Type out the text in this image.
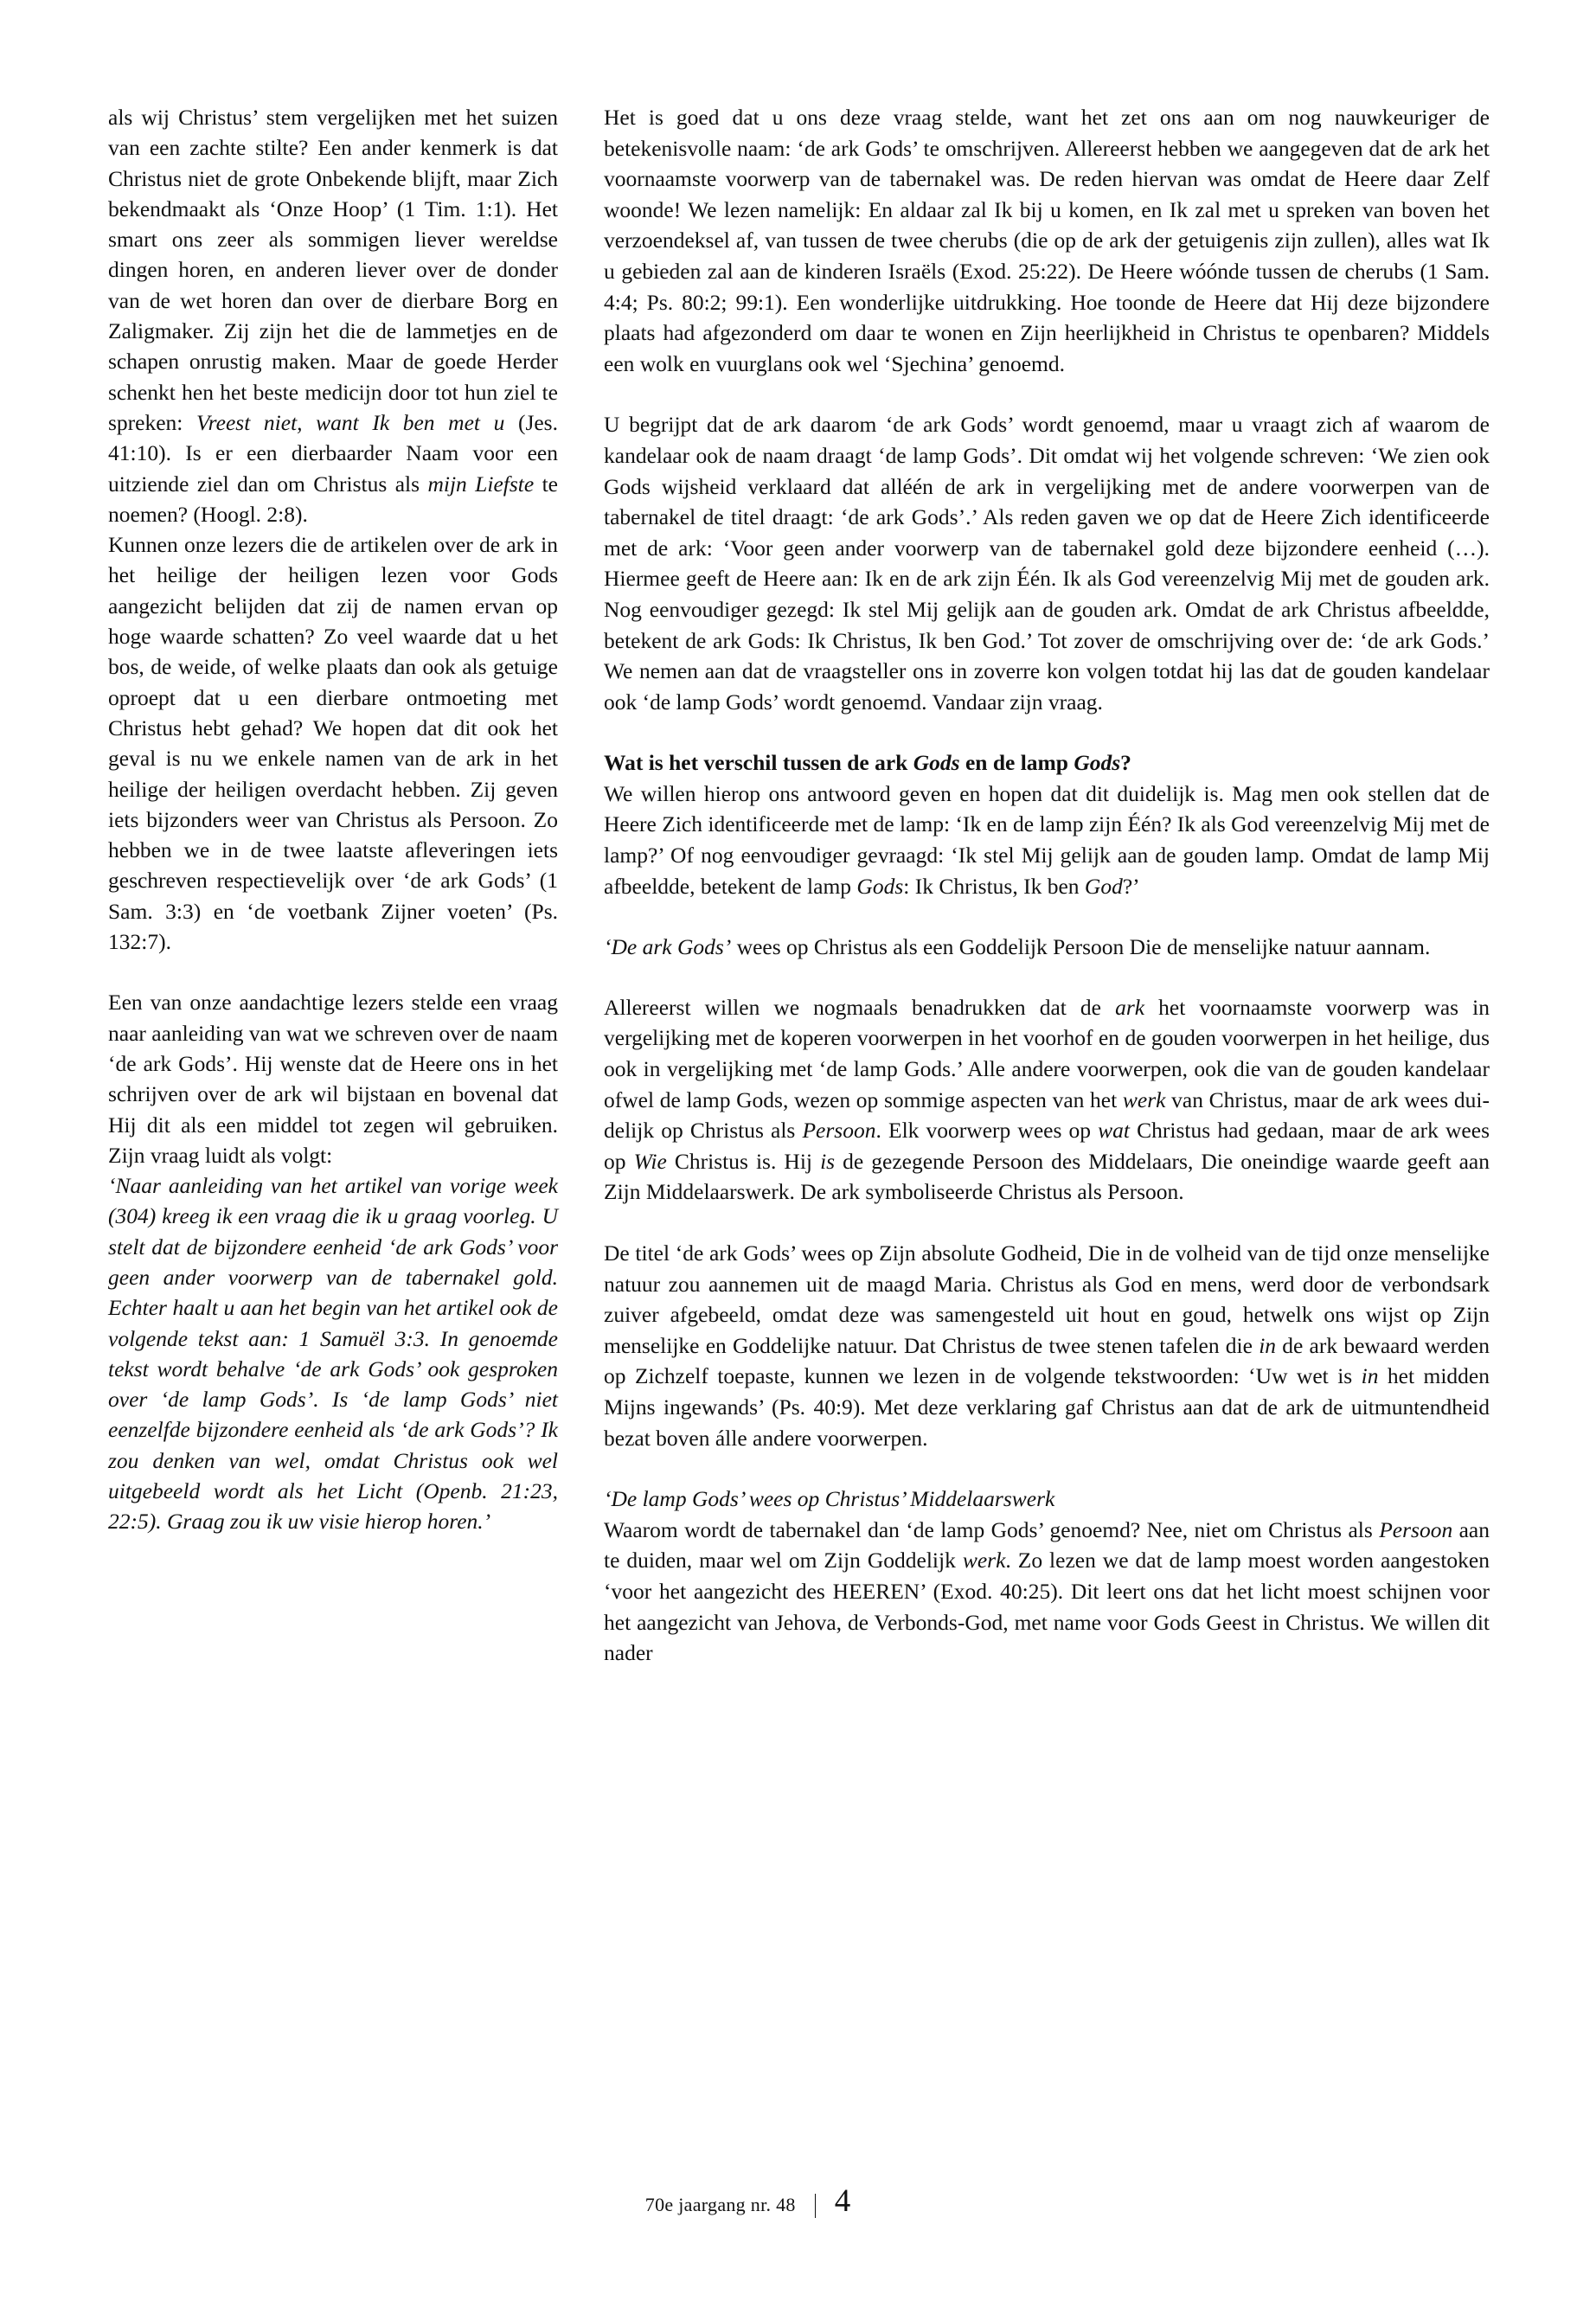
als wij Christus’ stem vergelijken met het suizen van een zachte stilte? Een ander kenmerk is dat Christus niet de grote Onbekende blijft, maar Zich bekendmaakt als ‘Onze Hoop’ (1 Tim. 1:1). Het smart ons zeer als sommigen liever wereldse dingen horen, en anderen liever over de donder van de wet horen dan over de dierbare Borg en Zaligmaker. Zij zijn het die de lammetjes en de schapen onrustig maken. Maar de goede Herder schenkt hen het beste medicijn door tot hun ziel te spreken: Vreest niet, want Ik ben met u (Jes. 41:10). Is er een dierbaarder Naam voor een uitziende ziel dan om Christus als mijn Liefste te noemen? (Hoogl. 2:8).

Kunnen onze lezers die de artikelen over de ark in het heilige der heiligen lezen voor Gods aangezicht belijden dat zij de namen ervan op hoge waarde schatten? Zo veel waarde dat u het bos, de weide, of welke plaats dan ook als getuige oproept dat u een dierbare ontmoeting met Christus hebt gehad? We hopen dat dit ook het geval is nu we enkele namen van de ark in het heilige der heiligen overdacht hebben. Zij geven iets bijzonders weer van Christus als Persoon. Zo hebben we in de twee laatste afleveringen iets geschreven respectievelijk over ‘de ark Gods’ (1 Sam. 3:3) en ‘de voetbank Zijner voeten’ (Ps. 132:7).

Een van onze aandachtige lezers stelde een vraag naar aanleiding van wat we schreven over de naam ‘de ark Gods’. Hij wenste dat de Heere ons in het schrijven over de ark wil bijstaan en bovenal dat Hij dit als een middel tot zegen wil gebruiken. Zijn vraag luidt als volgt:

‘Naar aanleiding van het artikel van vorige week (304) kreeg ik een vraag die ik u graag voorleg. U stelt dat de bijzondere eenheid ‘de ark Gods’ voor geen ander voorwerp van de tabernakel gold. Echter haalt u aan het begin van het artikel ook de volgende tekst aan: 1 Samuël 3:3. In genoemde tekst wordt behalve ‘de ark Gods’ ook gesproken over ‘de lamp Gods’. Is ‘de lamp Gods’ niet eenzelfde bijzondere eenheid als ‘de ark Gods’? Ik zou denken van wel, omdat Christus ook wel uitgebeeld wordt als het Licht (Openb. 21:23, 22:5). Graag zou ik uw visie hierop horen.’

Het is goed dat u ons deze vraag stelde, want het zet ons aan om nog nauwkeuriger de betekenisvolle naam: ‘de ark Gods’ te omschrijven. Allereerst hebben we aangegeven dat de ark het voornaamste voorwerp van de tabernakel was. De reden hiervan was omdat de Heere daar Zelf woonde! We lezen namelijk: En aldaar zal Ik bij u komen, en Ik zal met u spreken van boven het verzoendeksel af, van tussen de twee cherubs (die op de ark der getuigenis zijn zullen), alles wat Ik u gebieden zal aan de kinderen Israëls (Exod. 25:22). De Heere wóónde tussen de cherubs (1 Sam. 4:4; Ps. 80:2; 99:1). Een wonderlijke uitdrukking. Hoe toonde de Heere dat Hij deze bijzondere plaats had afgezonderd om daar te wonen en Zijn heerlijkheid in Christus te openbaren? Middels een wolk en vuurglans ook wel ‘Sjechina’ genoemd.

U begrijpt dat de ark daarom ‘de ark Gods’ wordt genoemd, maar u vraagt zich af waarom de kandelaar ook de naam draagt ‘de lamp Gods’. Dit omdat wij het volgende schreven: ‘We zien ook Gods wijsheid verklaard dat alléén de ark in vergelijking met de andere voorwerpen van de tabernakel de titel draagt: ‘de ark Gods’.’ Als reden gaven we op dat de Heere Zich identificeerde met de ark: ‘Voor geen ander voorwerp van de tabernakel gold deze bijzondere eenheid (…). Hiermee geeft de Heere aan: Ik en de ark zijn Één. Ik als God vereenzelvig Mij met de gouden ark. Nog eenvoudiger gezegd: Ik stel Mij gelijk aan de gouden ark. Omdat de ark Christus afbeeldde, betekent de ark Gods: Ik Christus, Ik ben God.’ Tot zover de omschrijving over de: ‘de ark Gods.’ We nemen aan dat de vraagsteller ons in zoverre kon volgen totdat hij las dat de gouden kandelaar ook ‘de lamp Gods’ wordt genoemd. Vandaar zijn vraag.

Wat is het verschil tussen de ark Gods en de lamp Gods?

We willen hierop ons antwoord geven en hopen dat dit duidelijk is. Mag men ook stellen dat de Heere Zich identificeerde met de lamp: ‘Ik en de lamp zijn Één? Ik als God vereenzelvig Mij met de lamp?’ Of nog eenvoudiger gevraagd: ‘Ik stel Mij gelijk aan de gouden lamp. Omdat de lamp Mij afbeeldde, betekent de lamp Gods: Ik Christus, Ik ben God?’

‘De ark Gods’ wees op Christus als een Goddelijk Persoon Die de menselijke natuur aannam.

Allereerst willen we nogmaals benadrukken dat de ark het voornaamste voorwerp was in vergelijking met de koperen voorwerpen in het voorhof en de gouden voorwerpen in het heilige, dus ook in vergelijking met ‘de lamp Gods.’ Alle andere voorwerpen, ook die van de gouden kandelaar ofwel de lamp Gods, wezen op sommige aspecten van het werk van Christus, maar de ark wees duidelijk op Christus als Persoon. Elk voorwerp wees op wat Christus had gedaan, maar de ark wees op Wie Christus is. Hij is de gezegende Persoon des Middelaars, Die oneindige waarde geeft aan Zijn Middelaarswerk. De ark symboliseerde Christus als Persoon.

De titel ‘de ark Gods’ wees op Zijn absolute Godheid, Die in de volheid van de tijd onze menselijke natuur zou aannemen uit de maagd Maria. Christus als God en mens, werd door de verbondsark zuiver afgebeeld, omdat deze was samengesteld uit hout en goud, hetwelk ons wijst op Zijn menselijke en Goddelijke natuur. Dat Christus de twee stenen tafelen die in de ark bewaard werden op Zichzelf toepaste, kunnen we lezen in de volgende tekstwoorden: ‘Uw wet is in het midden Mijns ingewands’ (Ps. 40:9). Met deze verklaring gaf Christus aan dat de ark de uitmuntendheid bezat boven álle andere voorwerpen.

‘De lamp Gods’ wees op Christus’ Middelaarswerk

Waarom wordt de tabernakel dan ‘de lamp Gods’ genoemd? Nee, niet om Christus als Persoon aan te duiden, maar wel om Zijn Goddelijk werk. Zo lezen we dat de lamp moest worden aangestoken ‘voor het aangezicht des HEEREN’ (Exod. 40:25). Dit leert ons dat het licht moest schijnen voor het aangezicht van Jehova, de Verbonds-God, met name voor Gods Geest in Christus. We willen dit nader

70e jaargang nr. 48	4
